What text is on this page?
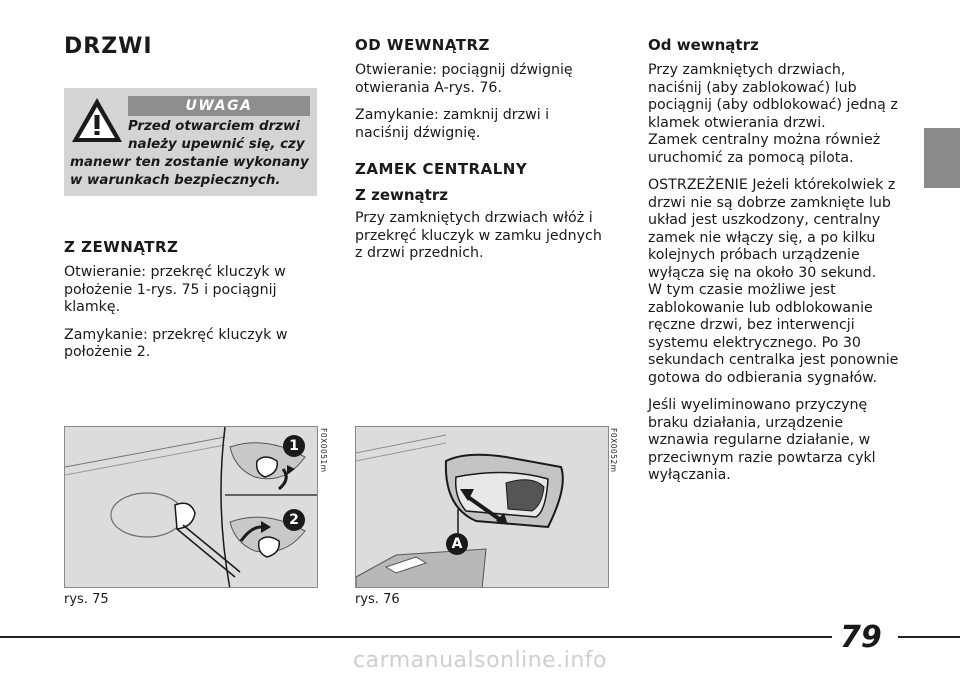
DRZWI
UWAGA
Przed otwarciem drzwi
należy upewnić się, czy
manewr ten zostanie wykonany w warunkach bezpiecznych.
Z ZEWNĄTRZ

Otwieranie: przekręć kluczyk w położenie 1-rys. 75 i pociągnij klamkę.

Zamykanie: przekręć kluczyk w położenie 2.

OD WEWNĄTRZ

Otwieranie: pociągnij dźwignię otwierania A-rys. 76.

Zamykanie: zamknij drzwi i naciśnij dźwignię.

ZAMEK CENTRALNY
Z zewnątrz

Przy zamkniętych drzwiach włóż i przekręć kluczyk w zamku jednych z drzwi przednich.

Od wewnątrz

Przy zamkniętych drzwiach, naciśnij (aby zablokować) lub pociągnij (aby odblokować) jedną z klamek otwierania drzwi.

Zamek centralny można również uruchomić za pomocą pilota.

OSTRZEŻENIE Jeżeli którekolwiek z drzwi nie są dobrze zamknięte lub układ jest uszkodzony, centralny zamek nie włączy się, a po kilku kolejnych próbach urządzenie wyłącza się na około 30 sekund.

W tym czasie możliwe jest zablokowanie lub odblokowanie ręczne drzwi, bez interwencji systemu elektrycznego. Po 30 sekundach centralka jest ponownie gotowa do odbierania sygnałów.

Jeśli wyeliminowano przyczynę braku działania, urządzenie wznawia regularne działanie, w przeciwnym razie powtarza cykl wyłączania.

1
2
F0X0051m
rys. 75
A
F0X0052m
rys. 76
79
carmanualsonline.info
